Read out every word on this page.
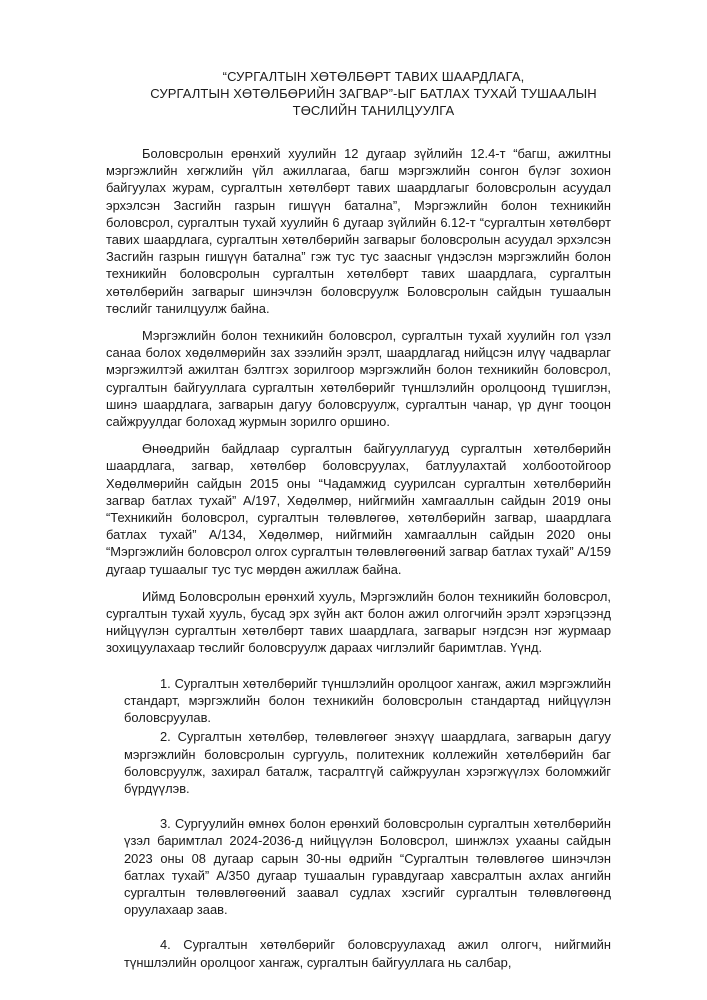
“СУРГАЛТЫН ХӨТӨЛБӨРТ ТАВИХ ШААРДЛАГА,
СУРГАЛТЫН ХӨТӨЛБӨРИЙН ЗАГВАР”-ЫГ БАТЛАХ ТУХАЙ ТУШААЛЫН
ТӨСЛИЙН ТАНИЛЦУУЛГА

Боловсролын ерөнхий хуулийн 12 дугаар зүйлийн 12.4-т “багш, ажилтны мэргэжлийн хөгжлийн үйл ажиллагаа, багш мэргэжлийн сонгон бүлэг зохион байгуулах журам, сургалтын хөтөлбөрт тавих шаардлагыг боловсролын асуудал эрхэлсэн Засгийн газрын гишүүн батална”, Мэргэжлийн болон техникийн боловсрол, сургалтын тухай хуулийн 6 дугаар зүйлийн 6.12-т “сургалтын хөтөлбөрт тавих шаардлага, сургалтын хөтөлбөрийн загварыг боловсролын асуудал эрхэлсэн Засгийн газрын гишүүн батална” гэж тус тус заасныг үндэслэн мэргэжлийн болон техникийн боловсролын сургалтын хөтөлбөрт тавих шаардлага, сургалтын хөтөлбөрийн загварыг шинэчлэн боловсруулж Боловсролын сайдын тушаалын төслийг танилцуулж байна.

Мэргэжлийн болон техникийн боловсрол, сургалтын тухай хуулийн гол үзэл санаа болох хөдөлмөрийн зах зээлийн эрэлт, шаардлагад нийцсэн илүү чадварлаг мэргэжилтэй ажилтан бэлтгэх зорилгоор мэргэжлийн болон техникийн боловсрол, сургалтын байгууллага сургалтын хөтөлбөрийг түншлэлийн оролцоонд түшиглэн, шинэ шаардлага, загварын дагуу боловсруулж, сургалтын чанар, үр дүнг тооцон сайжруулдаг болохад журмын зорилго оршино.

Өнөөдрийн байдлаар сургалтын байгууллагууд сургалтын хөтөлбөрийн шаардлага, загвар, хөтөлбөр боловсруулах, батлуулахтай холбоотойгоор Хөдөлмөрийн сайдын 2015 оны “Чадамжид суурилсан сургалтын хөтөлбөрийн загвар батлах тухай” А/197, Хөдөлмөр, нийгмийн хамгааллын сайдын 2019 оны “Техникийн боловсрол, сургалтын төлөвлөгөө, хөтөлбөрийн загвар, шаардлага батлах тухай” А/134, Хөдөлмөр, нийгмийн хамгааллын сайдын 2020 оны “Мэргэжлийн боловсрол олгох сургалтын төлөвлөгөөний загвар батлах тухай” А/159 дугаар тушаалыг тус тус мөрдөн ажиллаж байна.

Иймд Боловсролын ерөнхий хууль, Мэргэжлийн болон техникийн боловсрол, сургалтын тухай хууль, бусад эрх зүйн акт болон ажил олгогчийн эрэлт хэрэгцээнд нийцүүлэн сургалтын хөтөлбөрт тавих шаардлага, загварыг нэгдсэн нэг журмаар зохицуулахаар төслийг боловсруулж дараах чиглэлийг баримтлав. Үүнд.

1. Сургалтын хөтөлбөрийг түншлэлийн оролцоог хангаж, ажил мэргэжлийн стандарт, мэргэжлийн болон техникийн боловсролын стандартад нийцүүлэн боловсруулав.

2. Сургалтын хөтөлбөр, төлөвлөгөөг энэхүү шаардлага, загварын дагуу мэргэжлийн боловсролын сургууль, политехник коллежийн хөтөлбөрийн баг боловсруулж, захирал баталж, тасралтгүй сайжруулан хэрэгжүүлэх боломжийг бүрдүүлэв.

3. Сургуулийн өмнөх болон ерөнхий боловсролын сургалтын хөтөлбөрийн үзэл баримтлал 2024-2036-д нийцүүлэн Боловсрол, шинжлэх ухааны сайдын 2023 оны 08 дугаар сарын 30-ны өдрийн “Сургалтын төлөвлөгөө шинэчлэн батлах тухай” А/350 дугаар тушаалын гуравдугаар хавсралтын ахлах ангийн сургалтын төлөвлөгөөний заавал судлах хэсгийг сургалтын төлөвлөгөөнд оруулахаар заав.

4. Сургалтын хөтөлбөрийг боловсруулахад ажил олгогч, нийгмийн түншлэлийн оролцоог хангаж, сургалтын байгууллага нь салбар,
